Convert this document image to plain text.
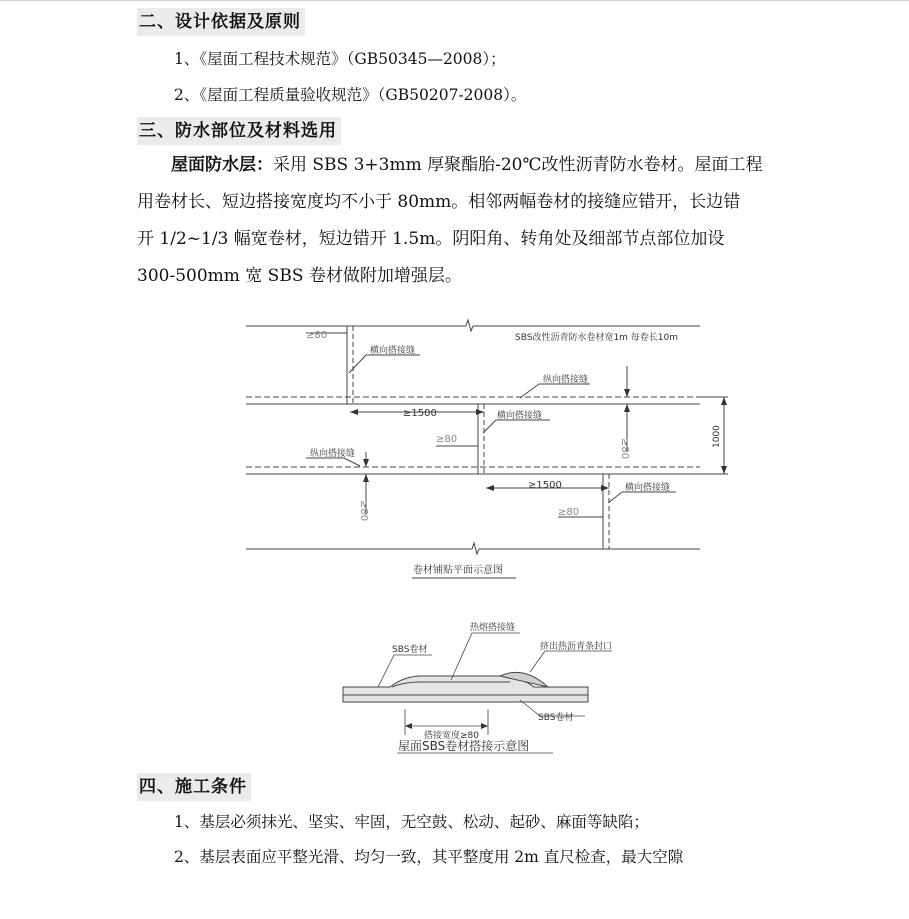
二、设计依据及原则
1、《屋面工程技术规范》（GB50345—2008）；
2、《屋面工程质量验收规范》（GB50207-2008）。
三、防水部位及材料选用
屋面防水层：采用 SBS 3+3mm 厚聚酯胎-20℃改性沥青防水卷材。屋面工程
用卷材长、短边搭接宽度均不小于 80mm。相邻两幅卷材的接缝应错开，长边错
开 1/2~1/3 幅宽卷材，短边错开 1.5m。阴阳角、转角处及细部节点部位加设
300-500mm 宽 SBS 卷材做附加增强层。
≥80	SBS改性沥青防水卷材宽1m 每卷长10m
横向搭接缝
纵向搭接缝
≥1500	横向搭接缝
≥80
纵向搭接缝
≥1500	横向搭接缝
≥80
≥80
≥80
1000
卷材铺贴平面示意图
热熔搭接缝
SBS卷材	挤出热沥青条封口
SBS卷材
搭接宽度≥80
屋面SBS卷材搭接示意图
四、施工条件
1、基层必须抹光、坚实、牢固，无空鼓、松动、起砂、麻面等缺陷；
2、基层表面应平整光滑、均匀一致，其平整度用 2m 直尺检查，最大空隙
